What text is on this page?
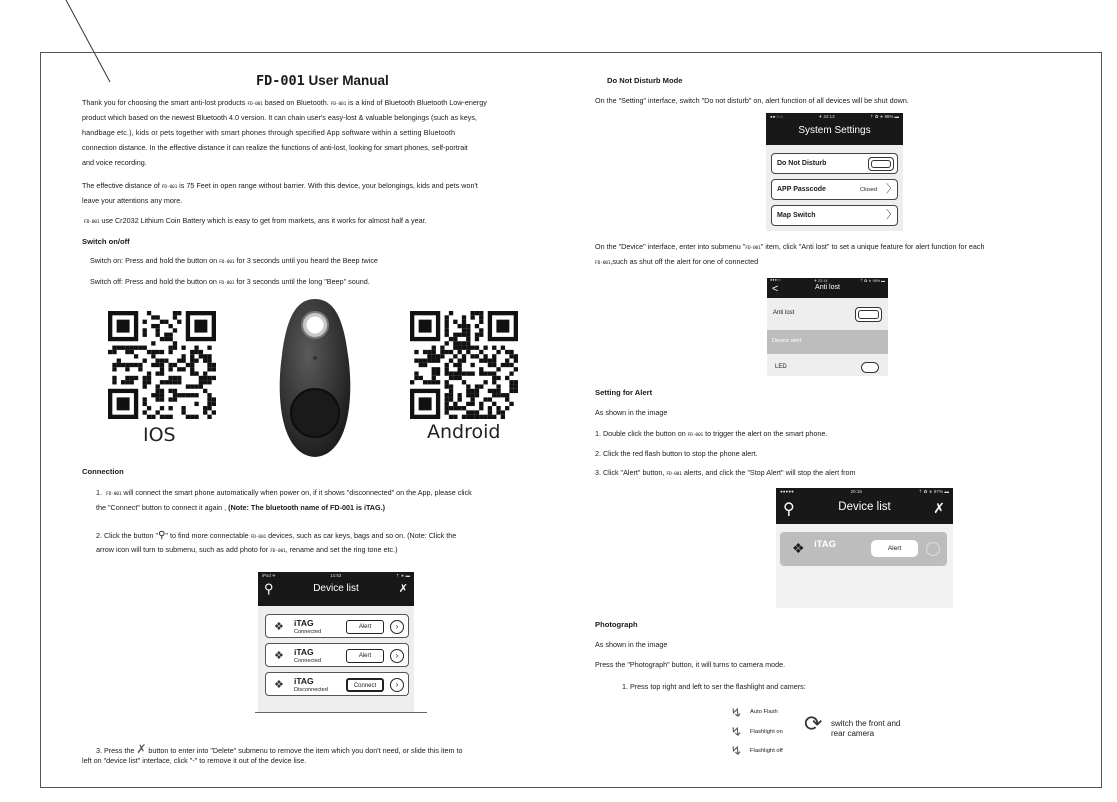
FD-001 User Manual
Thank you for choosing the smart anti-lost products FD-001 based on Bluetooth. FD-001 is a kind of Bluetooth Bluetooth Low-energy
product which based on the newest Bluetooth 4.0 version. It can chain user's easy-lost & valuable belongings (such as keys,
handbage etc.), kids or pets together with smart phones through specified App software within a setting Bluetooth
connection distance. In the effective distance it can realize the functions of anti-lost, looking for smart phones, self-portrait
and voice recording.
The effective distance of FD-001 is 75 Feet in open range without barrier. With this device, your belongings, kids and pets won't
leave your attentions any more.
FD-001 use Cr2032 Lithium Coin Battery which is easy to get from markets, ans it works for almost half a year.
Switch on/off
Switch on: Press and hold the button on FD-001 for 3 seconds until you heard the Beep twice
Switch off: Press and hold the button on FD-001 for 3 seconds until the long "Beep" sound.
IOS	Android
Connection
1. FD-001 will connect the smart phone automatically when power on, if it shows "disconnected" on the App, please click
the "Connect" button to connect it again , (Note: The bluetooth name of FD-001 is iTAG.)
2. Click the button "⚲" to find more connectable FD-001 devices, such as car keys, bags and so on. (Note: Click the
arrow icon will turn to submenu, such as add photo for FD-001, rename and set the ring tone etc.)
iPod ✈	14:53	⇡ ∗ ▬
⚲	Device list	✗
❖ iTAG
Connected
Alert	›
❖ iTAG
Connected
Alert	›
❖ iTAG
Disconnected
Connect	›
3. Press the ✗ button to enter into "Delete" submenu to remove the item which you don't need, or slide this item to
left on "device list" interface, click "-" to remove it out of the device lise.
Do Not Disturb Mode
On the "Setting" interface, switch "Do not disturb" on, alert function of all devices will be shut down.
●●○○○	✈ 22:13	⇡ ✿ ∗ 98% ▬
System Settings
Do Not Disturb
APP Passcode	Closed 〉
Map Switch	〉
On the "Device" interface, enter into submenu "FD-001" item, click "Anti lost" to set a unique feature for alert function for each
FD-001,such as shut off the alert for one of connected
●●●○○	✈ 22:14	⇡ ✿ ∗ 98% ▬
<	Anti lost
Anti lost
Device alert
LED
Setting for Alert
As shown in the image
1. Double click the button on FD-001 to trigger the alert on the smart phone.
2. Click the red flash button to stop the phone alert.
3. Click "Alert" button, FD-001 alerts, and click the "Stop Alert" will stop the alert from
●●●●●	20:16	⇡ ✿ ∗ 97% ▬
⚲	Device list	✗
❖ iTAG	Alert
Photograph
As shown in the image
Press the "Photograph" button, it will turns to camera mode.
1. Press top right and left to ser the flashlight and camers:
↯ Auto Flash
↯ Flashlight on
↯ Flashlight off
⟳ switch the front and
rear camera
